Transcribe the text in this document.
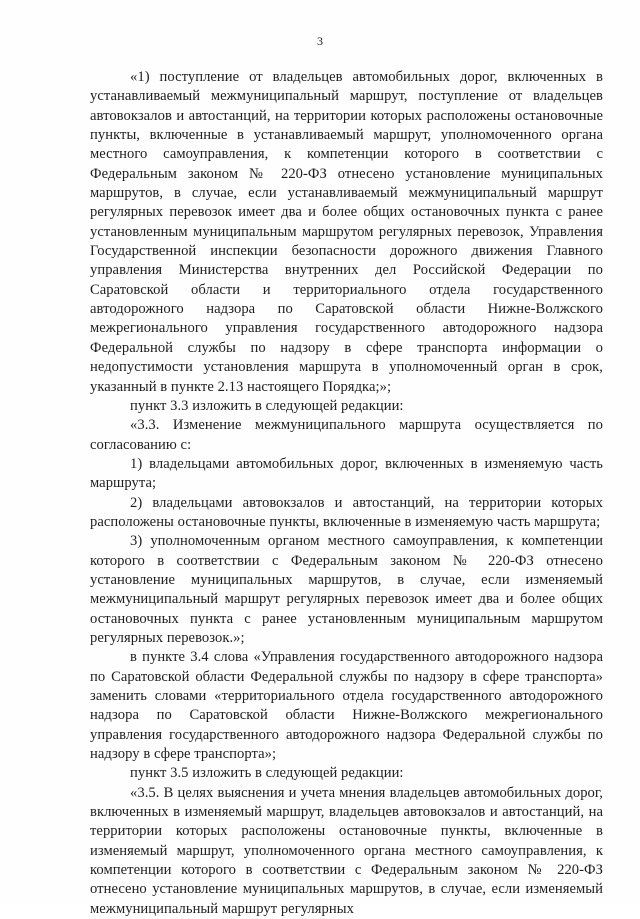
3

«1) поступление от владельцев автомобильных дорог, включенных в устанавливаемый межмуниципальный маршрут, поступление от владельцев автовокзалов и автостанций, на территории которых расположены остановочные пункты, включенные в устанавливаемый маршрут, уполномоченного органа местного самоуправления, к компетенции которого в соответствии с Федеральным законом № 220-ФЗ отнесено установление муниципальных маршрутов, в случае, если устанавливаемый межмуниципальный маршрут регулярных перевозок имеет два и более общих остановочных пункта с ранее установленным муниципальным маршрутом регулярных перевозок, Управления Государственной инспекции безопасности дорожного движения Главного управления Министерства внутренних дел Российской Федерации по Саратовской области и территориального отдела государственного автодорожного надзора по Саратовской области Нижне-Волжского межрегионального управления государственного автодорожного надзора Федеральной службы по надзору в сфере транспорта информации о недопустимости установления маршрута в уполномоченный орган в срок, указанный в пункте 2.13 настоящего Порядка;»;

пункт 3.3 изложить в следующей редакции:

«3.3. Изменение межмуниципального маршрута осуществляется по согласованию с:

1) владельцами автомобильных дорог, включенных в изменяемую часть маршрута;

2) владельцами автовокзалов и автостанций, на территории которых расположены остановочные пункты, включенные в изменяемую часть маршрута;

3) уполномоченным органом местного самоуправления, к компетенции которого в соответствии с Федеральным законом № 220-ФЗ отнесено установление муниципальных маршрутов, в случае, если изменяемый межмуниципальный маршрут регулярных перевозок имеет два и более общих остановочных пункта с ранее установленным муниципальным маршрутом регулярных перевозок.»;

в пункте 3.4 слова «Управления государственного автодорожного надзора по Саратовской области Федеральной службы по надзору в сфере транспорта» заменить словами «территориального отдела государственного автодорожного надзора по Саратовской области Нижне-Волжского межрегионального управления государственного автодорожного надзора Федеральной службы по надзору в сфере транспорта»;

пункт 3.5 изложить в следующей редакции:

«3.5. В целях выяснения и учета мнения владельцев автомобильных дорог, включенных в изменяемый маршрут, владельцев автовокзалов и автостанций, на территории которых расположены остановочные пункты, включенные в изменяемый маршрут, уполномоченного органа местного самоуправления, к компетенции которого в соответствии с Федеральным законом № 220-ФЗ отнесено установление муниципальных маршрутов, в случае, если изменяемый межмуниципальный маршрут регулярных
